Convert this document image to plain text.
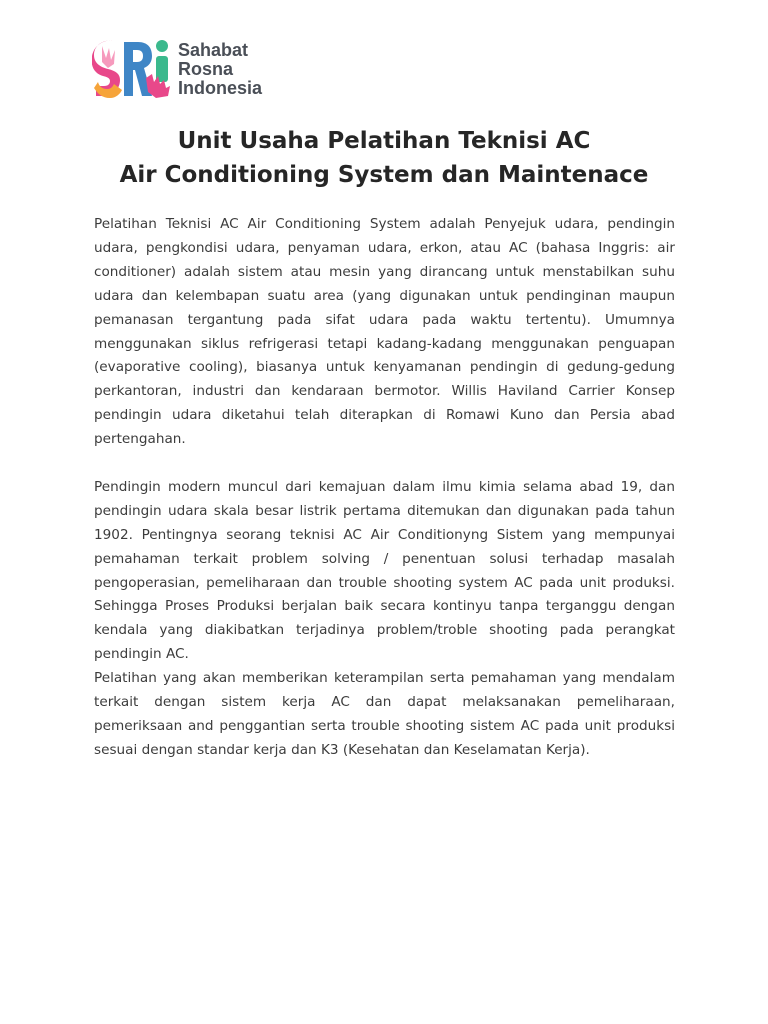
Sahabat
Rosna
Indonesia
Unit Usaha Pelatihan Teknisi AC
Air Conditioning System dan Maintenace

Pelatihan Teknisi AC Air Conditioning System adalah Penyejuk udara, pendingin udara, pengkondisi udara, penyaman udara, erkon, atau AC (bahasa Inggris: air conditioner) adalah sistem atau mesin yang dirancang untuk menstabilkan suhu udara dan kelembapan suatu area (yang digunakan untuk pendinginan maupun pemanasan tergantung pada sifat udara pada waktu tertentu). Umumnya menggunakan siklus refrigerasi tetapi kadang-kadang menggunakan penguapan (evaporative cooling), biasanya untuk kenyamanan pendingin di gedung-gedung perkantoran, industri dan kendaraan bermotor. Willis Haviland Carrier Konsep pendingin udara diketahui telah diterapkan di Romawi Kuno dan Persia abad pertengahan.

Pendingin modern muncul dari kemajuan dalam ilmu kimia selama abad 19, dan pendingin udara skala besar listrik pertama ditemukan dan digunakan pada tahun 1902. Pentingnya seorang teknisi AC Air Conditionyng Sistem yang mempunyai pemahaman terkait problem solving / penentuan solusi terhadap masalah pengoperasian, pemeliharaan dan trouble shooting system AC pada unit produksi. Sehingga Proses Produksi berjalan baik secara kontinyu tanpa terganggu dengan kendala yang diakibatkan terjadinya problem/troble shooting pada perangkat pendingin AC.

Pelatihan yang akan memberikan keterampilan serta pemahaman yang mendalam terkait dengan sistem kerja AC dan dapat melaksanakan pemeliharaan, pemeriksaan and penggantian serta trouble shooting sistem AC pada unit produksi sesuai dengan standar kerja dan K3 (Kesehatan dan Keselamatan Kerja).
